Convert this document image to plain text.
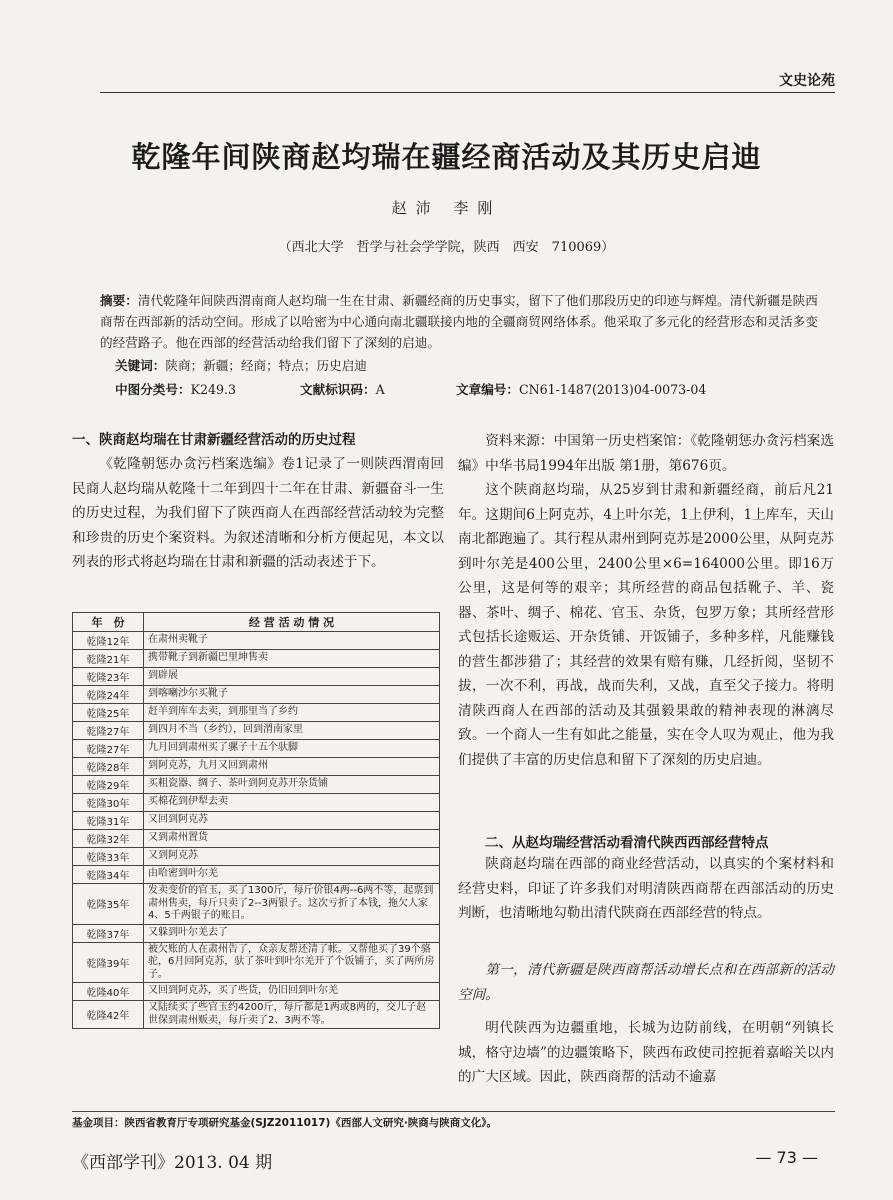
文史论苑
乾隆年间陕商赵均瑞在疆经商活动及其历史启迪
赵沛 李刚
（西北大学　哲学与社会学学院，陕西　西安　710069）
摘要：清代乾隆年间陕西渭南商人赵均瑞一生在甘肃、新疆经商的历史事实，留下了他们那段历史的印迹与辉煌。清代新疆是陕西商帮在西部新的活动空间。形成了以哈密为中心通向南北疆联接内地的全疆商贸网络体系。他采取了多元化的经营形态和灵活多变的经营路子。他在西部的经营活动给我们留下了深刻的启迪。
关键词：陕商；新疆；经商；特点；历史启迪
中图分类号：K249.3	文献标识码：A	文章编号：CN61-1487(2013)04-0073-04
一、陕商赵均瑞在甘肃新疆经营活动的历史过程
《乾隆朝惩办贪污档案选编》卷1记录了一则陕西渭南回民商人赵均瑞从乾隆十二年到四十二年在甘肃、新疆奋斗一生的历史过程，为我们留下了陕西商人在西部经营活动较为完整和珍贵的历史个案资料。为叙述清晰和分析方便起见，本文以列表的形式将赵均瑞在甘肃和新疆的活动表述于下。
年　份	经 营 活 动 情 况
乾隆12年	在肃州卖靴子
乾隆21年	携带靴子到新疆巴里坤售卖
乾隆23年	到辟展
乾隆24年	到喀喇沙尔买靴子
乾隆25年	赶羊到库车去卖，到那里当了乡约
乾隆27年	到四月不当（乡约），回到渭南家里
乾隆27年	九月回到肃州买了骡子十五个驮脚
乾隆28年	到阿克苏，九月又回到肃州
乾隆29年	买粗瓷器、绸子、茶叶到阿克苏开杂货铺
乾隆30年	买棉花到伊犁去卖
乾隆31年	又回到阿克苏
乾隆32年	又到肃州置货
乾隆33年	又到阿克苏
乾隆34年	由哈密到叶尔羌
乾隆35年	发卖变价的官玉，买了1300斤，每斤价银4两--6两不等，起票到肃州售卖，每斤只卖了2--3两银子。这次亏折了本钱，拖欠人家4、5千两银子的账目。
乾隆37年	又躲到叶尔羌去了
乾隆39年	被欠账的人在肃州告了，众亲友帮还清了帐。又帮他买了39个骆驼，6月回阿克苏，驮了茶叶到叶尔羌开了个饭铺子，买了两所房子。
乾隆40年	又回到阿克苏，买了些货，仍旧回到叶尔羌
乾隆42年	又陆续买了些官玉约4200斤，每斤都是1两或8两的，交儿子赵世保到肃州贩卖，每斤卖了2、3两不等。
资料来源：中国第一历史档案馆：《乾隆朝惩办贪污档案选编》中华书局1994年出版 第1册，第676页。
这个陕商赵均瑞，从25岁到甘肃和新疆经商，前后凡21年。这期间6上阿克苏，4上叶尔羌，1上伊利，1上库车，天山南北都跑遍了。其行程从肃州到阿克苏是2000公里，从阿克苏到叶尔羌是400公里，2400公里×6=164000公里。即16万公里，这是何等的艰辛；其所经营的商品包括靴子、羊、瓷器、茶叶、绸子、棉花、官玉、杂货，包罗万象；其所经营形式包括长途贩运、开杂货铺、开饭铺子，多种多样，凡能赚钱的营生都涉猎了；其经营的效果有赔有赚，几经折阅，坚韧不拔，一次不利，再战，战而失利，又战，直至父子接力。将明清陕西商人在西部的活动及其强毅果敢的精神表现的淋漓尽致。一个商人一生有如此之能量，实在令人叹为观止，他为我们提供了丰富的历史信息和留下了深刻的历史启迪。
二、从赵均瑞经营活动看清代陕西西部经营特点
陕商赵均瑞在西部的商业经营活动，以真实的个案材料和经营史料，印证了许多我们对明清陕西商帮在西部活动的历史判断，也清晰地勾勒出清代陕商在西部经营的特点。
第一，清代新疆是陕西商帮活动增长点和在西部新的活动空间。
明代陕西为边疆重地，长城为边防前线，在明朝“列镇长城，格守边墙”的边疆策略下，陕西布政使司控扼着嘉峪关以内的广大区域。因此，陕西商帮的活动不逾嘉
基金项目：陕西省教育厅专项研究基金(SJZ2011017)《西部人文研究·陕商与陕商文化》。
《西部学刊》2013. 04 期	— 73 —
